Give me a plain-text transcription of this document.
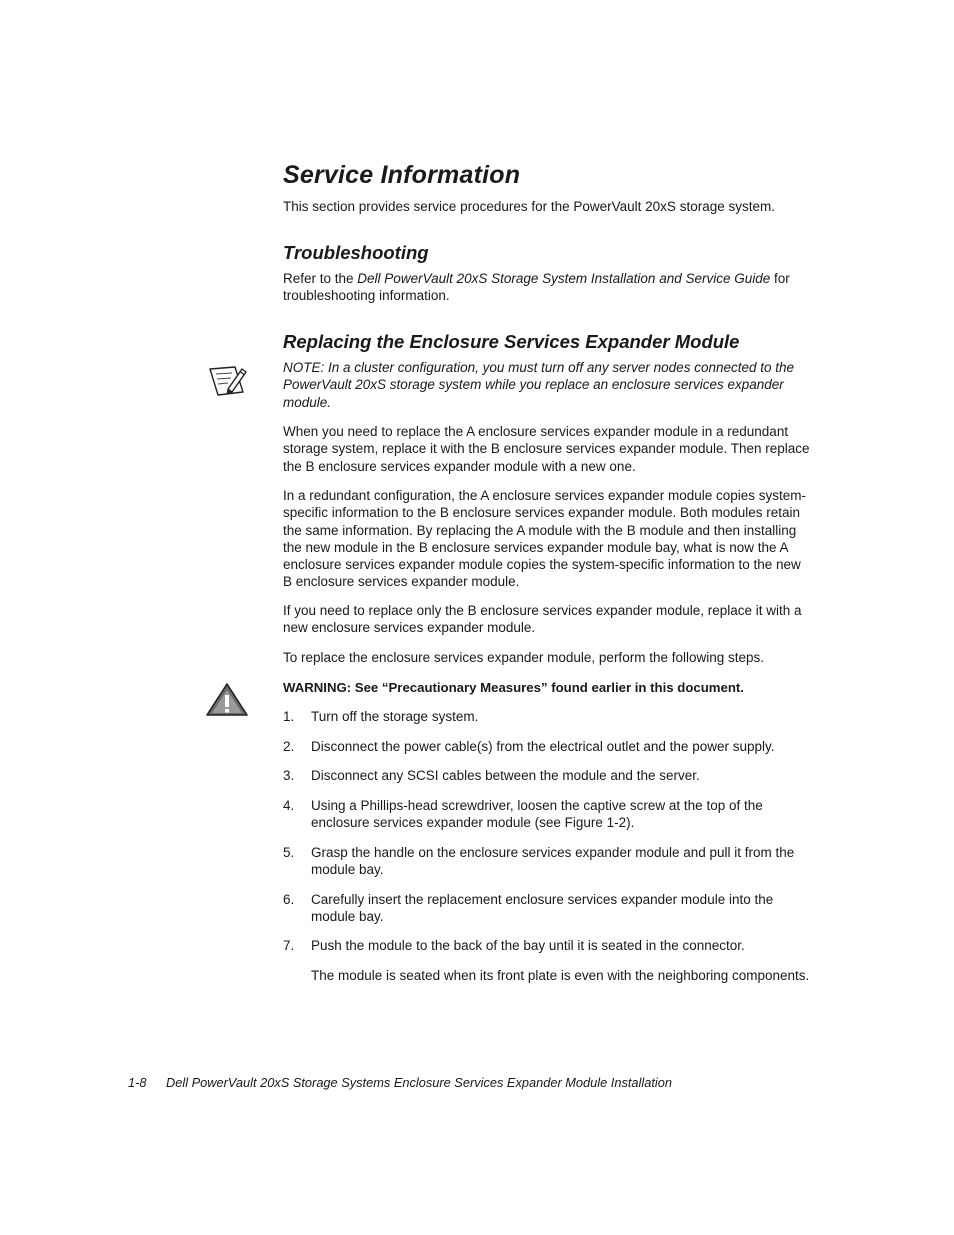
Service Information

This section provides service procedures for the PowerVault 20xS storage system.

Troubleshooting

Refer to the Dell PowerVault 20xS Storage System Installation and Service Guide for troubleshooting information.

Replacing the Enclosure Services Expander Module

NOTE: In a cluster configuration, you must turn off any server nodes connected to the PowerVault 20xS storage system while you replace an enclosure services expander module.

When you need to replace the A enclosure services expander module in a redundant storage system, replace it with the B enclosure services expander module. Then replace the B enclosure services expander module with a new one.

In a redundant configuration, the A enclosure services expander module copies system-specific information to the B enclosure services expander module. Both modules retain the same information. By replacing the A module with the B module and then installing the new module in the B enclosure services expander module bay, what is now the A enclosure services expander module copies the system-specific information to the new B enclosure services expander module.

If you need to replace only the B enclosure services expander module, replace it with a new enclosure services expander module.

To replace the enclosure services expander module, perform the following steps.

WARNING: See “Precautionary Measures” found earlier in this document.

1. Turn off the storage system.
2. Disconnect the power cable(s) from the electrical outlet and the power supply.
3. Disconnect any SCSI cables between the module and the server.
4. Using a Phillips-head screwdriver, loosen the captive screw at the top of the enclosure services expander module (see Figure 1-2).
5. Grasp the handle on the enclosure services expander module and pull it from the module bay.
6. Carefully insert the replacement enclosure services expander module into the module bay.
7. Push the module to the back of the bay until it is seated in the connector.
The module is seated when its front plate is even with the neighboring components.
1-8 Dell PowerVault 20xS Storage Systems Enclosure Services Expander Module Installation
